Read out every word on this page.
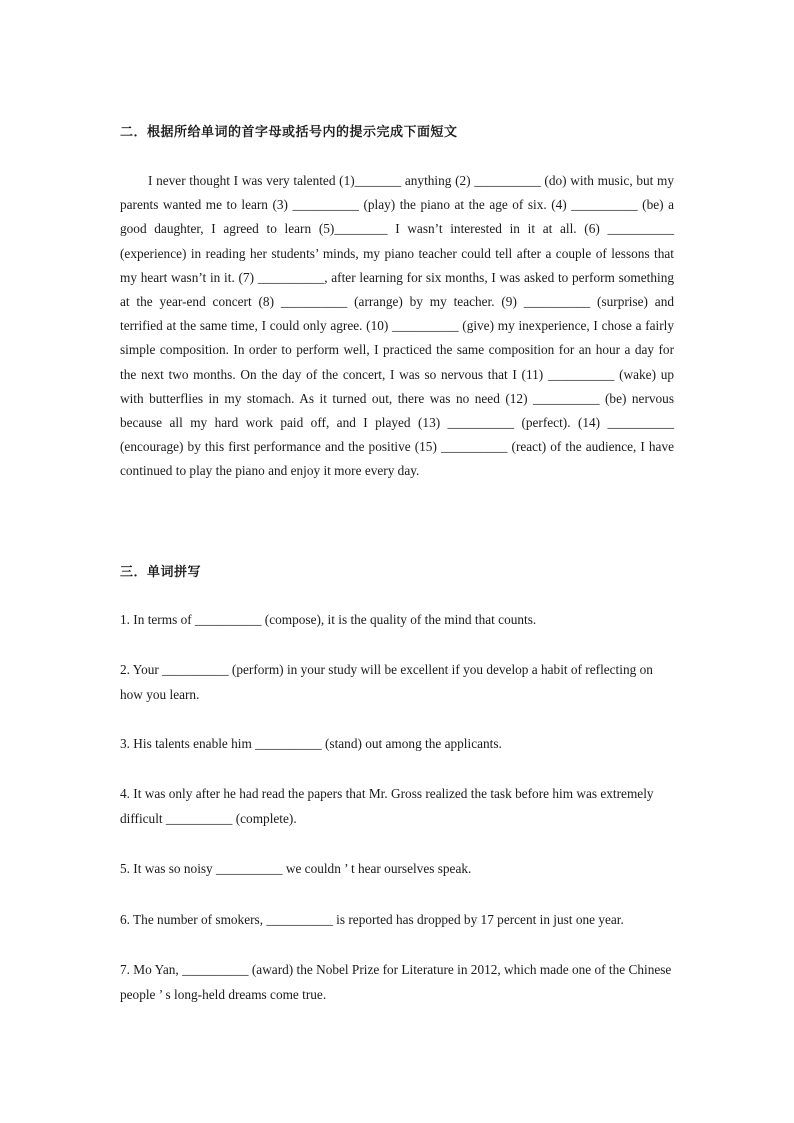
二．根据所给单词的首字母或括号内的提示完成下面短文

I never thought I was very talented (1)_______ anything (2) __________ (do) with music, but my parents wanted me to learn (3) __________ (play) the piano at the age of six. (4) __________ (be) a good daughter, I agreed to learn (5)________ I wasn’t interested in it at all. (6) __________ (experience) in reading her students’ minds, my piano teacher could tell after a couple of lessons that my heart wasn’t in it. (7) __________, after learning for six months, I was asked to perform something at the year-end concert (8) __________ (arrange) by my teacher. (9) __________ (surprise) and terrified at the same time, I could only agree. (10) __________ (give) my inexperience, I chose a fairly simple composition. In order to perform well, I practiced the same composition for an hour a day for the next two months. On the day of the concert, I was so nervous that I (11) __________ (wake) up with butterflies in my stomach. As it turned out, there was no need (12) __________ (be) nervous because all my hard work paid off, and I played (13) __________ (perfect). (14) __________ (encourage) by this first performance and the positive (15) __________ (react) of the audience, I have continued to play the piano and enjoy it more every day.

三．单词拼写

1. In terms of __________ (compose), it is the quality of the mind that counts.

2. Your __________ (perform) in your study will be excellent if you develop a habit of reflecting on how you learn.

3. His talents enable him __________ (stand) out among the applicants.

4. It was only after he had read the papers that Mr. Gross realized the task before him was extremely difficult __________ (complete).

5. It was so noisy __________ we couldn ’ t hear ourselves speak.

6. The number of smokers, __________ is reported has dropped by 17 percent in just one year.

7. Mo Yan, __________ (award) the Nobel Prize for Literature in 2012, which made one of the Chinese people ’ s long-held dreams come true.
